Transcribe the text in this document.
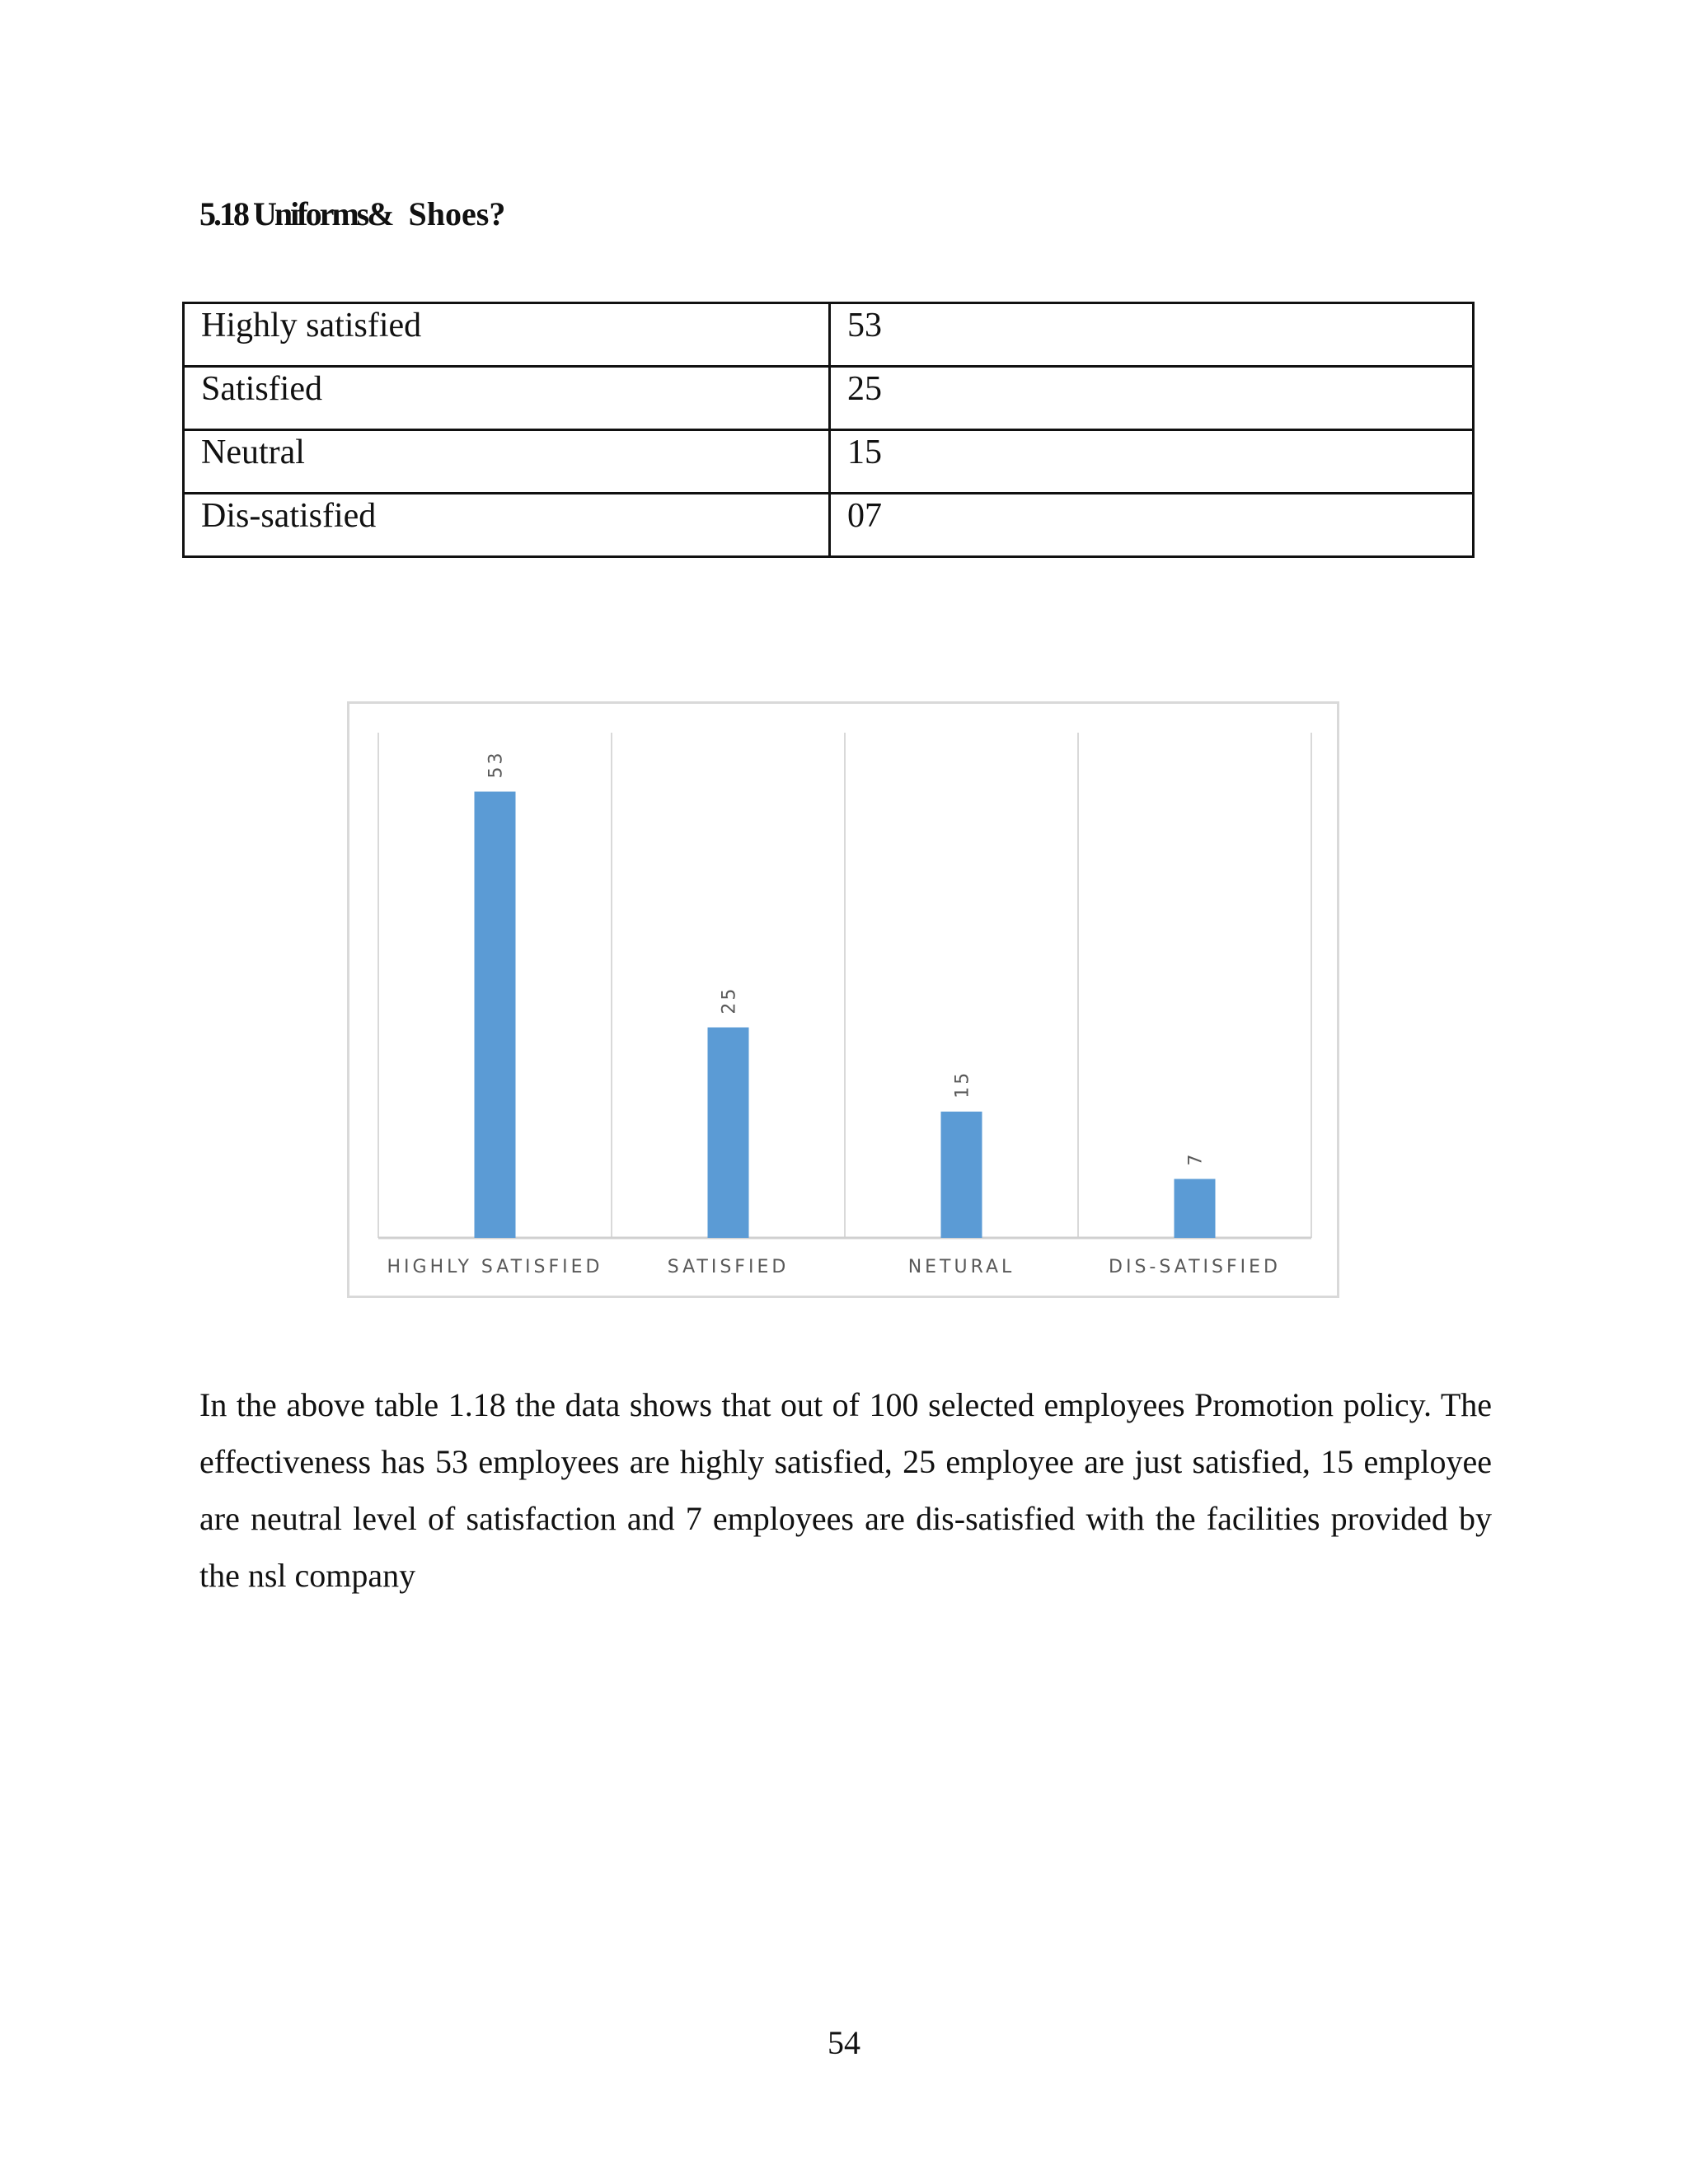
5.18 Uniforms& Shoes?
Highly satisfied	53
Satisfied	25
Neutral	15
Dis-satisfied	07
53
HIGHLY SATISFIED
25
SATISFIED
15
NETURAL
7
DIS-SATISFIED
In the above table 1.18 the data shows that out of 100 selected employees Promotion policy. The effectiveness has 53 employees are highly satisfied, 25 employee are just satisfied, 15 employee are neutral level of satisfaction and 7 employees are dis-satisfied with the facilities provided by the nsl company
54
